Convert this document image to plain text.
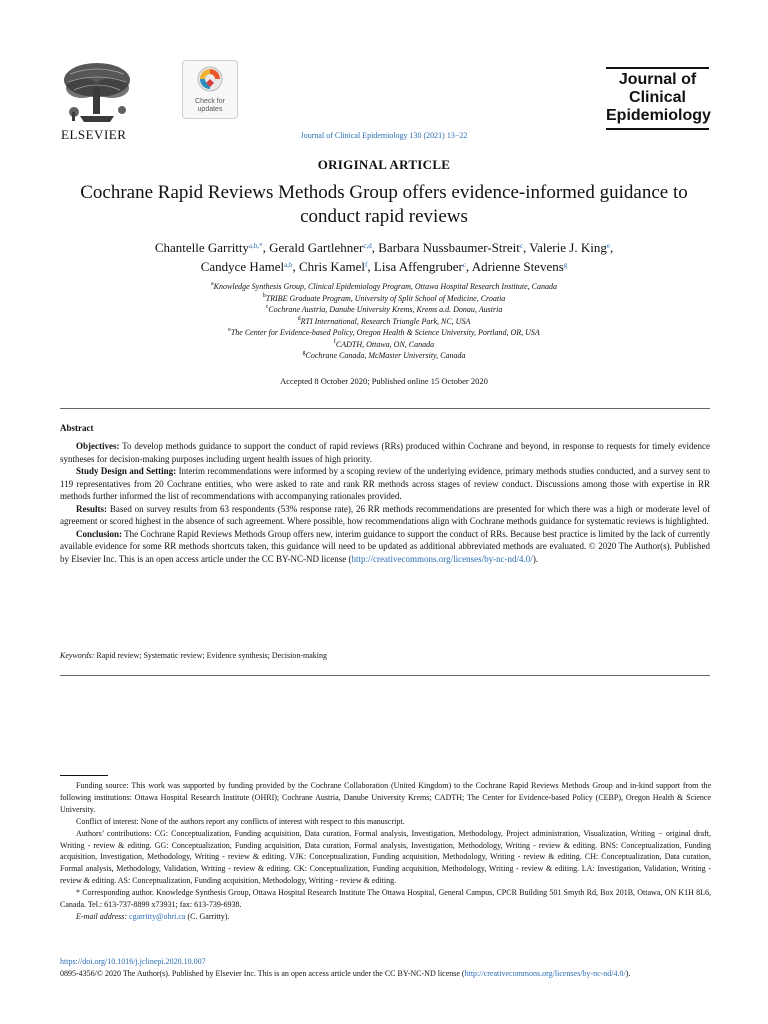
ELSEVIER
Check for updates
Journal of Clinical Epidemiology 130 (2021) 13−22
Journal of
Clinical
Epidemiology
ORIGINAL ARTICLE
Cochrane Rapid Reviews Methods Group offers evidence-informed guidance to conduct rapid reviews
Chantelle Garritty$^{a,b,*}$, Gerald Gartlehner$^{c,d}$, Barbara Nussbaumer-Streit$^c$, Valerie J. King$^e$,
Candyce Hamel$^{a,b}$, Chris Kamel$^f$, Lisa Affengruber$^c$, Adrienne Stevens$^g$
$^a$Knowledge Synthesis Group, Clinical Epidemiology Program, Ottawa Hospital Research Institute, Canada
$^b$TRIBE Graduate Program, University of Split School of Medicine, Croatia
$^c$Cochrane Austria, Danube University Krems, Krems a.d. Donau, Austria
$^d$RTI International, Research Triangle Park, NC, USA
$^e$The Center for Evidence-based Policy, Oregon Health & Science University, Portland, OR, USA
$^f$CADTH, Ottawa, ON, Canada
$^g$Cochrane Canada, McMaster University, Canada
Accepted 8 October 2020; Published online 15 October 2020
Abstract

Objectives: To develop methods guidance to support the conduct of rapid reviews (RRs) produced within Cochrane and beyond, in response to requests for timely evidence syntheses for decision-making purposes including urgent health issues of high priority.

Study Design and Setting: Interim recommendations were informed by a scoping review of the underlying evidence, primary methods studies conducted, and a survey sent to 119 representatives from 20 Cochrane entities, who were asked to rate and rank RR methods across stages of review conduct. Discussions among those with expertise in RR methods further informed the list of recommendations with accompanying rationales provided.

Results: Based on survey results from 63 respondents (53% response rate), 26 RR methods recommendations are presented for which there was a high or moderate level of agreement or scored highest in the absence of such agreement. Where possible, how recommendations align with Cochrane methods guidance for systematic reviews is highlighted.

Conclusion: The Cochrane Rapid Reviews Methods Group offers new, interim guidance to support the conduct of RRs. Because best practice is limited by the lack of currently available evidence for some RR methods shortcuts taken, this guidance will need to be updated as additional abbreviated methods are evaluated. © 2020 The Author(s). Published by Elsevier Inc. This is an open access article under the CC BY-NC-ND license (http://creativecommons.org/licenses/by-nc-nd/4.0/).

Keywords: Rapid review; Systematic review; Evidence synthesis; Decision-making

Funding source: This work was supported by funding provided by the Cochrane Collaboration (United Kingdom) to the Cochrane Rapid Reviews Methods Group and in-kind support from the following institutions: Ottawa Hospital Research Institute (OHRI); Cochrane Austria, Danube University Krems; CADTH; The Center for Evidence-based Policy (CEBP), Oregon Health & Science University.

Conflict of interest: None of the authors report any conflicts of interest with respect to this manuscript.

Authors’ contributions: CG: Conceptualization, Funding acquisition, Data curation, Formal analysis, Investigation, Methodology, Project administration, Visualization, Writing − original draft, Writing - review & editing. GG: Conceptualization, Funding acquisition, Data curation, Formal analysis, Investigation, Methodology, Writing - review & editing. BNS: Conceptualization, Funding acquisition, Investigation, Methodology, Writing - review & editing. VJK: Conceptualization, Funding acquisition, Methodology, Writing - review & editing. CH: Conceptualization, Data curation, Formal analysis, Methodology, Validation, Writing - review & editing. CK: Conceptualization, Funding acquisition, Methodology, Writing - review & editing. LA: Investigation, Validation, Writing - review & editing. AS: Conceptualization, Funding acquisition, Methodology, Writing - review & editing.

* Corresponding author. Knowledge Synthesis Group, Ottawa Hospital Research Institute The Ottawa Hospital, General Campus, CPCR Building 501 Smyth Rd, Box 201B, Ottawa, ON K1H 8L6, Canada. Tel.: 613-737-8899 x73931; fax: 613-739-6938.

E-mail address: cgarritty@ohri.ca (C. Garritty).

https://doi.org/10.1016/j.jclinepi.2020.10.007
0895-4356/© 2020 The Author(s). Published by Elsevier Inc. This is an open access article under the CC BY-NC-ND license (http://creativecommons.org/licenses/by-nc-nd/4.0/).
